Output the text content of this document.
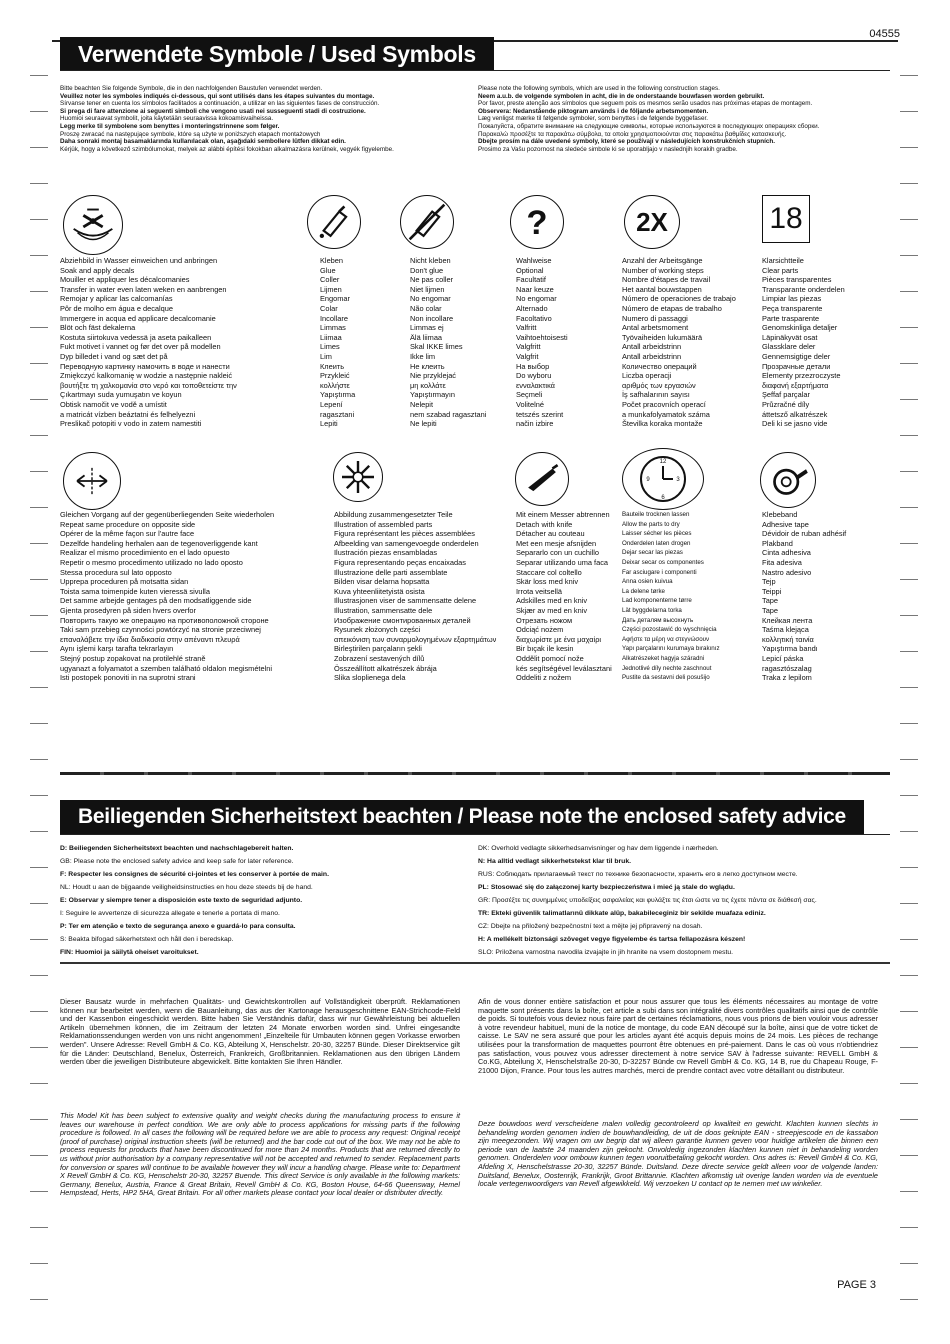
04555
Verwendete Symbole / Used Symbols
Bitte beachten Sie folgende Symbole, die in den nachfolgenden Baustufen verwendet werden.
Veuillez noter les symboles indiqués ci-dessous, qui sont utilisés dans les étapes suivantes du montage.
Sírvanse tener en cuenta los símbolos facilitados a continuación, a utilizar en las siguientes fases de construcción.
Si prega di fare attenzione ai seguenti simboli che vengono usati nei susseguenti stadi di costruzione.
Huomioi seuraavat symbolit, joita käytetään seuraavissa kokoamisvaiheissa.
Legg merke til symbolene som benyttes i monteringstrinnene som følger.
Proszę zwracać na następujące symbole, które są użyte w poniższych etapach montażowych
Daha sonraki montaj basamaklarında kullanılacak olan, aşağıdaki sembollere lütfen dikkat edin.
Kérjük, hogy a következő szimbólumokat, melyek az alábbi építési fokokban alkalmazásra kerülnek, vegyék figyelembe.
Please note the following symbols, which are used in the following construction stages.
Neem a.u.b. de volgende symbolen in acht, die in de onderstaande bouwfasen worden gebruikt.
Por favor, preste atenção aos símbolos que seguem pois os mesmos serão usados nas próximas etapas de montagem.
Observera: Nedanstående piktogram används i de följande arbetsmomenten.
Læg venligst mærke til følgende symboler, som benyttes i de følgende byggefaser.
Пожалуйста, обратите внимание на следующие символы, которые используются в последующих операциях сборки.
Παρακαλώ προσέξτε τα παρακάτω σύμβολα, τα οποία χρησιμοποιούνται στις παρακάτω βαθμίδες κατασκευής.
Dbejte prosím na dále uvedené symboly, které se používají v následujících konstrukčních stupních.
Prosimo za Vašu pozornost na sledeće simbole ki se uporabljajo v naslednjih korakih gradbe.
?	2X	18
Abziehbild in Wasser einweichen und anbringen
Soak and apply decals
Mouiller et appliquer les décalcomanies
Transfer in water even laten weken en aanbrengen
Remojar y aplicar las calcomanías
Pôr de molho em água e decalque
Immergere in acqua ed applicare decalcomanie
Blöt och fäst dekalerna
Kostuta siirtokuva vedessä ja aseta paikalleen
Fukt motivet i vannet og før det over på modellen
Dyp billedet i vand og sæt det på
Переводную картинку намочить в воде и нанести
Zmiękczyć kalkomanię w wodzie a następnie nakleić
βουτήξτε τη χαλκομανία στο νερό και τοποθετείστε την
Çıkartmayı suda yumuşatın ve koyun
Obtisk namočit ve vodě a umístit
a matricát vízben beáztatni és felhelyezni
Preslikač potopiti v vodo in zatem namestiti
Kleben
Glue
Coller
Lijmen
Engomar
Colar
Incollare
Limmas
Liimaa
Limes
Lim
Клеить
Przykleić
κολλήστε
Yapıştırma
Lepení
ragasztani
Lepiti
Nicht kleben
Don't glue
Ne pas coller
Niet lijmen
No engomar
Não colar
Non incollare
Limmas ej
Älä liimaa
Skal IKKE limes
Ikke lim
Не клеить
Nie przyklejać
μη κολλάτε
Yapıştırmayın
Nelepit
nem szabad ragasztani
Ne lepiti
Wahlweise
Optional
Facultatif
Naar keuze
No engomar
Alternado
Facoltativo
Valfritt
Vaihtoehtoisesti
Valgfritt
Valgfrit
На выбор
Do wyboru
ενναλακτικά
Seçmeli
Volitelné
tetszés szerint
način izbire
Anzahl der Arbeitsgänge
Number of working steps
Nombre d'étapes de travail
Het aantal bouwstappen
Número de operaciones de trabajo
Número de etapas de trabalho
Numero di passaggi
Antal arbetsmoment
Työvaiheiden lukumäärä
Antall arbeidstrinn
Antall arbeidstrinn
Количество операций
Liczba operacji
αριθμός των εργασιών
İş safhalarının sayısı
Počet pracovních operací
a munkafolyamatok száma
Številka koraka montaže
Klarsichtteile
Clear parts
Pièces transparentes
Transparante onderdelen
Limpiar las piezas
Peça transparente
Parte trasparente
Genomskinliga detaljer
Läpinäkyvät osat
Glassklare deler
Gennemsigtige deler
Прозрачные детали
Elementy przezroczyste
διαφανή εξαρτήματα
Şeffaf parçalar
Průzračné díly
áttetsző alkatrészek
Deli ki se jasno vide
12
3
6
9
Gleichen Vorgang auf der gegenüberliegenden Seite wiederholen
Repeat same procedure on opposite side
Opérer de la même façon sur l'autre face
Dezelfde handeling herhalen aan de tegenoverliggende kant
Realizar el mismo procedimiento en el lado opuesto
Repetir o mesmo procedimento utilizado no lado oposto
Stessa procedura sul lato opposto
Upprepa proceduren på motsatta sidan
Toista sama toimenpide kuten vieressä sivulla
Det samme arbejde gentages på den modsatliggende side
Gjenta prosedyren på siden hvers overfor
Повторить такую же операцию на противоположной стороне
Taki sam przebieg czynności powtórzyć na stronie przeciwnej
επαναλάβετε την ίδια διαδικασία στην απέναντι πλευρά
Aynı işlemi karşı tarafta tekrarlayın
Stejný postup zopakovat na protilehlé straně
ugyanazt a folyamatot a szemben található oldalon megismételni
Isti postopek ponoviti in na suprotni strani
Abbildung zusammengesetzter Teile
Illustration of assembled parts
Figura représentant les pièces assemblées
Afbeelding van samengevoegde onderdelen
Ilustración piezas ensambladas
Figura representando peças encaixadas
Illustrazione delle parti assemblate
Bilden visar delarna hopsatta
Kuva yhteenliitetyistä osista
Illustrasjonen viser de sammensatte delene
Illustration, sammensatte dele
Изображение смонтированных деталей
Rysunek złożonych części
απεικόνιση των συναρμολογημένων εξαρτημάτων
Birleştirilen parçaların şekli
Zobrazení sestavených dílů
Összeállított alkatrészek ábrája
Slika sloplienega dela
Mit einem Messer abtrennen
Detach with knife
Détacher au couteau
Met een mesje afsnijden
Separarlo con un cuchillo
Separar utilizando uma faca
Staccare col coltello
Skär loss med kniv
Irrota veitsellä
Adskilles med en kniv
Skjær av med en kniv
Отрезать ножом
Odciąć nożem
διαχωρίστε με ένα μαχαίρι
Bir bıçak ile kesin
Oddělit pomocí nože
kés segítségével leválasztani
Oddeliti z nožem
Bauteile trocknen lassen
Allow the parts to dry
Laisser sécher les pièces
Onderdelen laten drogen
Dejar secar las piezas
Deixar secar os componentes
Far asciugare i componenti
Anna osien kuivua
La delene tørke
Lad komponenterne tørre
Lät byggdelarna torka
Дать деталям высохнуть
Części pozostawić do wyschnięcia
Αφήστε τα μέρη να στεγνώσουν
Yapı parçalarını kurumaya bırakınız
Alkatrészeket hagyja száradni
Jednotlivé díly nechte zaschnout
Pustite da sestavni deli posušijo
Klebeband
Adhesive tape
Dévidoir de ruban adhésif
Plakband
Cinta adhesiva
Fita adesiva
Nastro adesivo
Tejp
Teippi
Tape
Tape
Клейкая лента
Taśma klejąca
κολλητική ταινία
Yapıştırma bandı
Lepicí páska
ragasztószalag
Traka z lepilom
Beiliegenden Sicherheitstext beachten / Please note the enclosed safety advice
D: Beiliegenden Sicherheitstext beachten und nachschlagebereit halten.
GB: Please note the enclosed safety advice and keep safe for later reference.
F: Respecter les consignes de sécurité ci-jointes et les conserver à portée de main.
NL: Houdt u aan de bijgaande veiligheidsinstructies en hou deze steeds bij de hand.
E: Observar y siempre tener a disposición este texto de seguridad adjunto.
I: Seguire le avvertenze di sicurezza allegate e tenerle a portata di mano.
P: Ter em atenção e texto de segurança anexo e guardá-lo para consulta.
S: Beakta bifogad säkerhetstext och håll den i beredskap.
FIN: Huomioi ja säilytä oheiset varoitukset.
DK: Overhold vedlagte sikkerhedsanvisninger og hav dem liggende i nærheden.
N: Ha alltid vedlagt sikkerhetstekst klar til bruk.
RUS: Соблюдать прилагаемый текст по технике безопасности, хранить его в легко доступном месте.
PL: Stosować się do załączonej karty bezpieczeństwa i mieć ją stale do wglądu.
GR: Προσέξτε τις συνημμένες υποδείξεις ασφαλείας και φυλάξτε τις έτσι ώστε να τις έχετε πάντα σε διάθεσή σας.
TR: Ekteki güvenlik talimatlarınü dikkate alüp, bakabileceginiz bir sekilde muafaza ediniz.
CZ: Dbejte na přiložený bezpečnostní text a mějte jej připravený na dosah.
H: A mellékelt biztonsági szöveget vegye figyelembe és tartsa fellapozásra készen!
SLO: Priložena varnostna navodila izvajajte in jih hranite na vsem dostopnem mestu.
Dieser Bausatz wurde in mehrfachen Qualitäts- und Gewichtskontrollen auf Vollständigkeit überprüft. Reklamationen können nur bearbeitet werden, wenn die Bauanleitung, das aus der Kartonage herausgeschnittene EAN-Strichcode-Feld und der Kassenbon eingeschickt werden. Bitte haben Sie Verständnis dafür, dass wir nur Gewährleistung bei aktuellen Artikeln übernehmen können, die im Zeitraum der letzten 24 Monate erworben worden sind. Unfrei eingesandte Reklamationssendungen werden von uns nicht angenommen! „Einzelteile für Umbauten können gegen Vorkasse erworben werden". Unsere Adresse: Revell GmbH & Co. KG, Abteilung X, Henschelstr. 20-30, 32257 Bünde. Dieser Direktservice gilt für die Länder: Deutschland, Benelux, Österreich, Frankreich, Großbritannien. Reklamationen aus den übrigen Ländern werden über die jeweiligen Distributeure abgewickelt. Bitte kontakten Sie Ihren Händler.
This Model Kit has been subject to extensive quality and weight checks during the manufacturing process to ensure it leaves our warehouse in perfect condition. We are only able to process applications for missing parts if the following procedure is followed. In all cases the following will be required before we are able to process any request: Original receipt (proof of purchase) original instruction sheets (will be returned) and the bar code cut out of the box. We may not be able to process requests for products that have been discontinued for more than 24 months. Products that are returned directly to us without prior authorisation by a company representative will not be accepted and returned to sender. Replacement parts for conversion or spares will continue to be available however they will incur a handling charge. Please write to: Department X Revell GmbH & Co. KG, Henschelstr 20-30, 32257 Buende. This direct Service is only available in the following markets: Germany, Benelux, Austria, France & Great Britain, Revell GmbH & Co. KG, Boston House, 64-66 Queensway, Hemel Hempstead, Herts, HP2 5HA, Great Britain. For all other markets please contact your local dealer or distributer directly.
Afin de vous donner entière satisfaction et pour nous assurer que tous les éléments nécessaires au montage de votre maquette sont présents dans la boîte, cet article a subi dans son intégralité divers contrôles qualitatifs ainsi que de contrôle de poids. Si toutefois vous deviez nous faire part de certaines réclamations, nous vous prions de bien vouloir vous adresser à votre revendeur habituel, muni de la notice de montage, du code EAN découpé sur la boîte, ainsi que de votre ticket de caisse. Le SAV ne sera assuré que pour les articles ayant été acquis depuis moins de 24 mois. Les pièces de rechange utilisées pour la transformation de maquettes pourront être obtenues en pré-paiement. Dans le cas où vous n'obtiendriez pas satisfaction, vous pouvez vous adresser directement à notre service SAV à l'adresse suivante: REVELL GmbH & Co.KG, Abteilung X, Henschelstraße 20-30, D-32257 Bünde cw Revell GmbH & Co. KG, 14 B, rue du Chapeau Rouge, F-21000 Dijon, France. Pour tous les autres marchés, merci de prendre contact avec votre détaillant ou distributeur.
Deze bouwdoos werd verscheidene malen volledig gecontroleerd op kwaliteit en gewicht. Klachten kunnen slechts in behandeling worden genomen indien de bouwhandleiding, de uit de doos geknipte EAN - streepjescode en de kassabon zijn meegezonden. Wij vragen om uw begrip dat wij alleen garantie kunnen geven voor huidige artikelen die binnen een periode van de laatste 24 maanden zijn gekocht. Onvoldedig ingezonden klachten kunnen niet in behandeling worden genomen. Onderdelen voor ombouw kunnen tegen vooruitbetaling gekocht worden. Ons adres is: Revell GmbH & Co. KG, Afdeling X, Henschelstrasse 20-30, 32257 Bünde. Duitsland. Deze directe service geldt alleen voor de volgende landen: Duitsland, Benelux, Oostenrijk, Frankrijk, Groot Brittannie. Klachten afkomstig uit overige landen worden via de eventuele locale vertegenwoordigers van Revell afgewikkeld. Wij verzoeken U contact op te nemen met uw winkelier.
PAGE 3
